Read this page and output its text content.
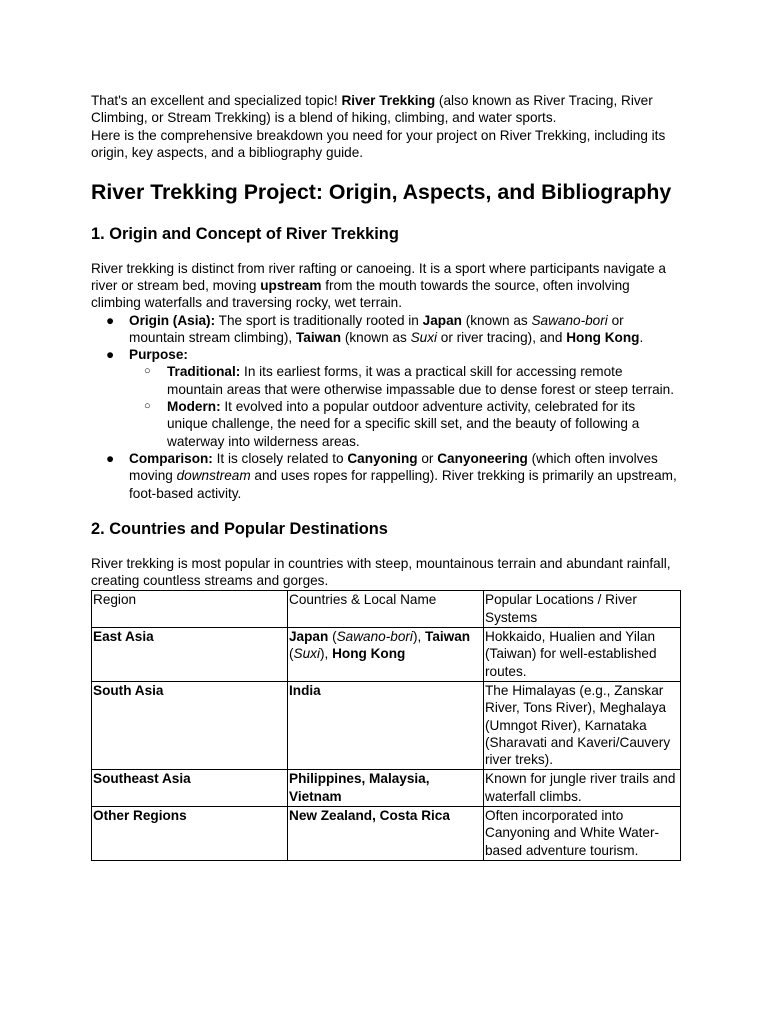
That's an excellent and specialized topic! River Trekking (also known as River Tracing, River Climbing, or Stream Trekking) is a blend of hiking, climbing, and water sports.

Here is the comprehensive breakdown you need for your project on River Trekking, including its origin, key aspects, and a bibliography guide.

River Trekking Project: Origin, Aspects, and Bibliography
1. Origin and Concept of River Trekking

River trekking is distinct from river rafting or canoeing. It is a sport where participants navigate a river or stream bed, moving upstream from the mouth towards the source, often involving climbing waterfalls and traversing rocky, wet terrain.

● Origin (Asia): The sport is traditionally rooted in Japan (known as Sawano-bori or mountain stream climbing), Taiwan (known as Suxi or river tracing), and Hong Kong.
● Purpose:
○ Traditional: In its earliest forms, it was a practical skill for accessing remote mountain areas that were otherwise impassable due to dense forest or steep terrain.
○ Modern: It evolved into a popular outdoor adventure activity, celebrated for its unique challenge, the need for a specific skill set, and the beauty of following a waterway into wilderness areas.
● Comparison: It is closely related to Canyoning or Canyoneering (which often involves moving downstream and uses ropes for rappelling). River trekking is primarily an upstream, foot-based activity.
2. Countries and Popular Destinations

River trekking is most popular in countries with steep, mountainous terrain and abundant rainfall, creating countless streams and gorges.

Region	Countries & Local Name	Popular Locations / River Systems
East Asia	Japan (Sawano-bori), Taiwan (Suxi), Hong Kong	Hokkaido, Hualien and Yilan (Taiwan) for well-established routes.
South Asia	India	The Himalayas (e.g., Zanskar River, Tons River), Meghalaya (Umngot River), Karnataka (Sharavati and Kaveri/Cauvery river treks).
Southeast Asia	Philippines, Malaysia, Vietnam	Known for jungle river trails and waterfall climbs.
Other Regions	New Zealand, Costa Rica	Often incorporated into Canyoning and White Water-based adventure tourism.
